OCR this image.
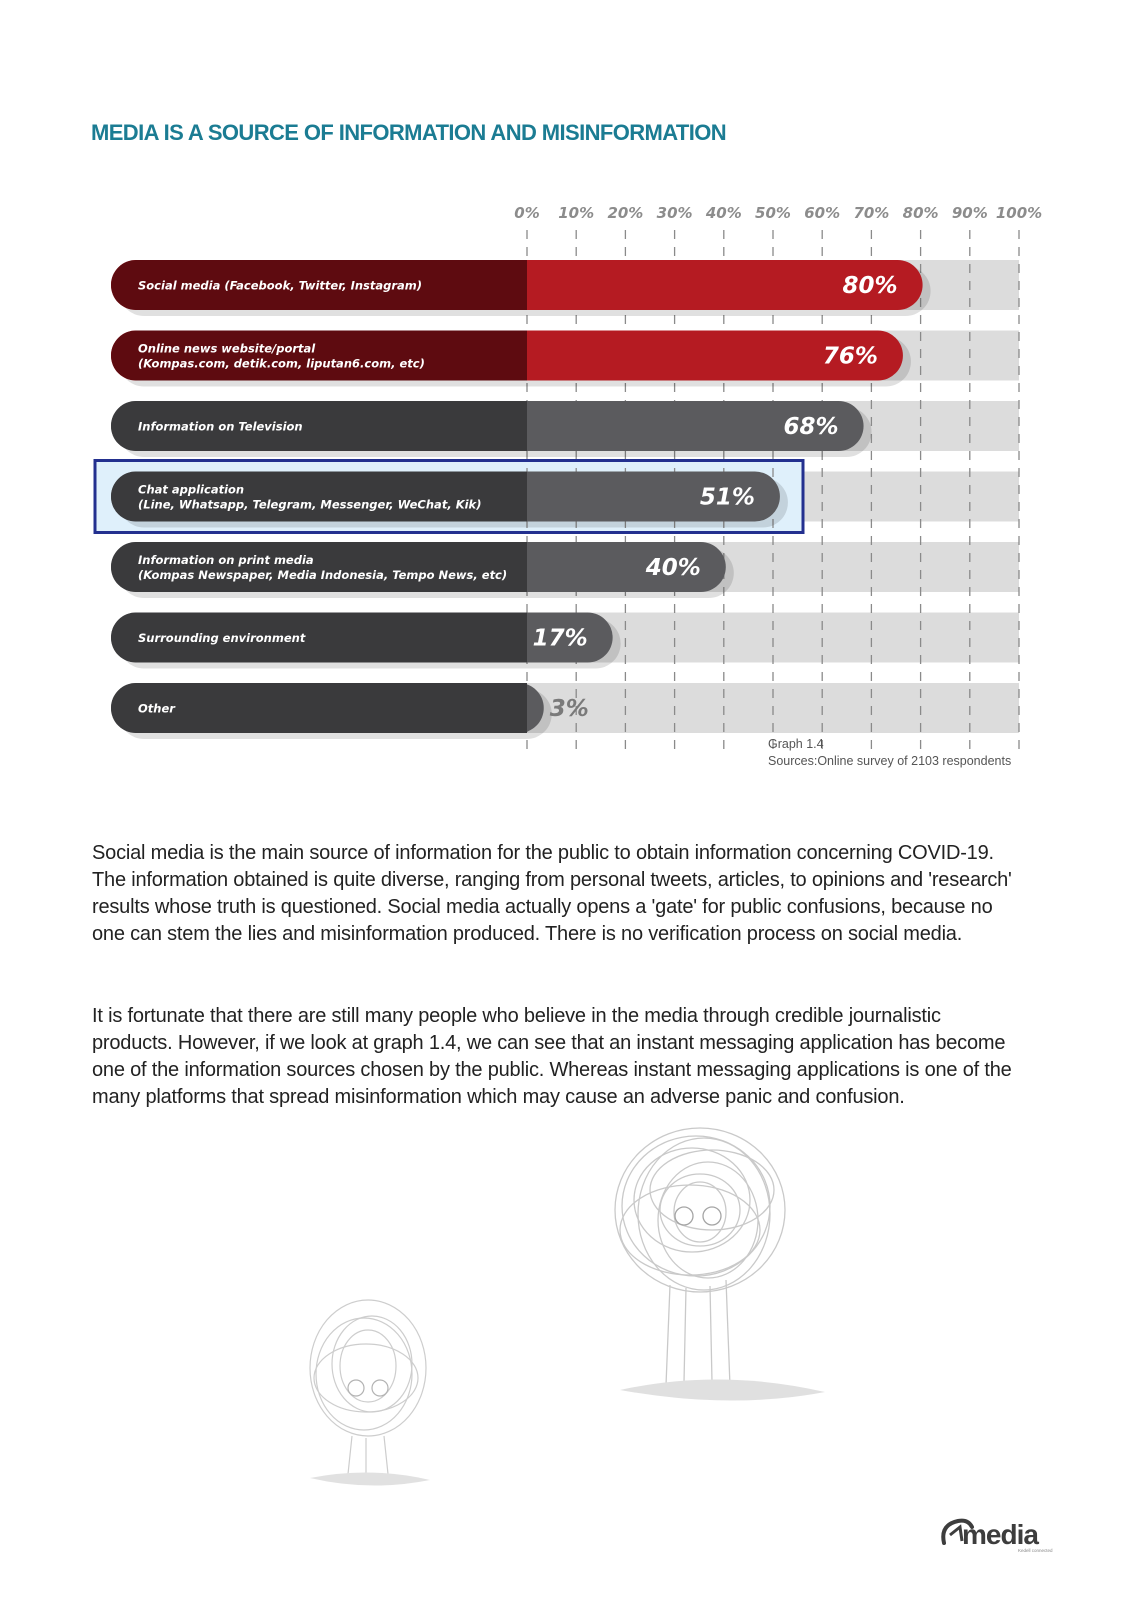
MEDIA IS A SOURCE OF INFORMATION AND MISINFORMATION
0% 10% 20% 30% 40% 50% 60% 70% 80% 90% 100%
Social media (Facebook, Twitter, Instagram)	80%
Online news website/portal
(Kompas.com, detik.com, liputan6.com, etc)	76%
Information on Television	68%
Chat application
(Line, Whatsapp, Telegram, Messenger, WeChat, Kik)	51%
Information on print media
(Kompas Newspaper, Media Indonesia, Tempo News, etc)	40%
Surrounding environment	17%
Other	3%
Graph 1.4
Sources:Online survey of 2103 respondents

Social media is the main source of information for the public to obtain information concerning COVID-19. The information obtained is quite diverse, ranging from personal tweets, articles, to opinions and 'research' results whose truth is questioned. Social media actually opens a 'gate' for public confusions, because no one can stem the lies and misinformation produced. There is no verification process on social media.

It is fortunate that there are still many people who believe in the media through credible journalistic products. However, if we look at graph 1.4, we can see that an instant messaging application has become one of the information sources chosen by the public. Whereas instant messaging applications is one of the many platforms that spread misinformation which may cause an adverse panic and confusion.

media
Kedell connected
